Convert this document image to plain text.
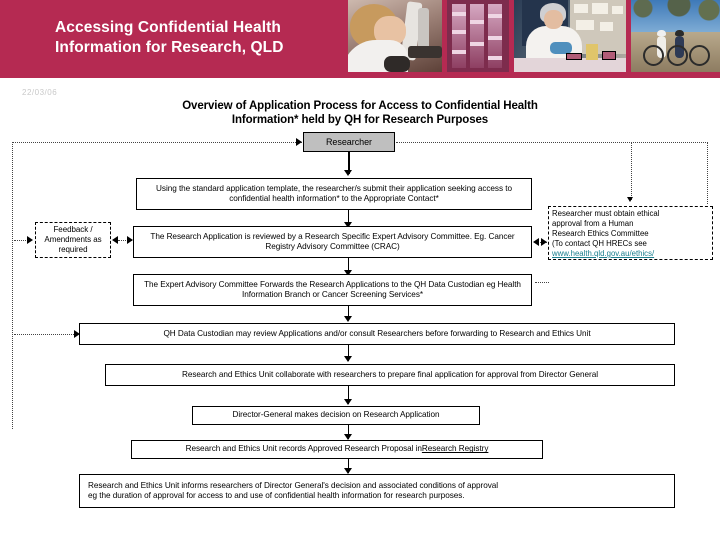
Accessing Confidential Health
Information for Research, QLD
22/03/06
Overview of Application Process for Access to Confidential Health
Information* held by QH for Research Purposes
Researcher
Using the standard application template, the researcher/s submit their application seeking access to confidential health information* to the Appropriate Contact*
Feedback / Amendments as required
The Research Application is reviewed by a Research Specific Expert Advisory Committee. Eg. Cancer Registry Advisory Committee (CRAC)
Researcher must obtain ethical
approval from a Human
Research Ethics Committee
(To contact QH HRECs see
www.health.qld.gov.au/ethics/
The Expert Advisory Committee Forwards the Research Applications to the QH Data Custodian eg Health Information Branch or Cancer Screening Services*
QH Data Custodian may review Applications and/or consult Researchers before forwarding to Research and Ethics Unit
Research and Ethics Unit collaborate with researchers to prepare final application for approval from Director General
Director-General makes decision on Research Application
Research and Ethics Unit records Approved Research Proposal in Research Registry
Research and Ethics Unit informs researchers of Director General's decision and associated conditions of approval
eg the duration of approval for access to and use of confidential health information for research purposes.
